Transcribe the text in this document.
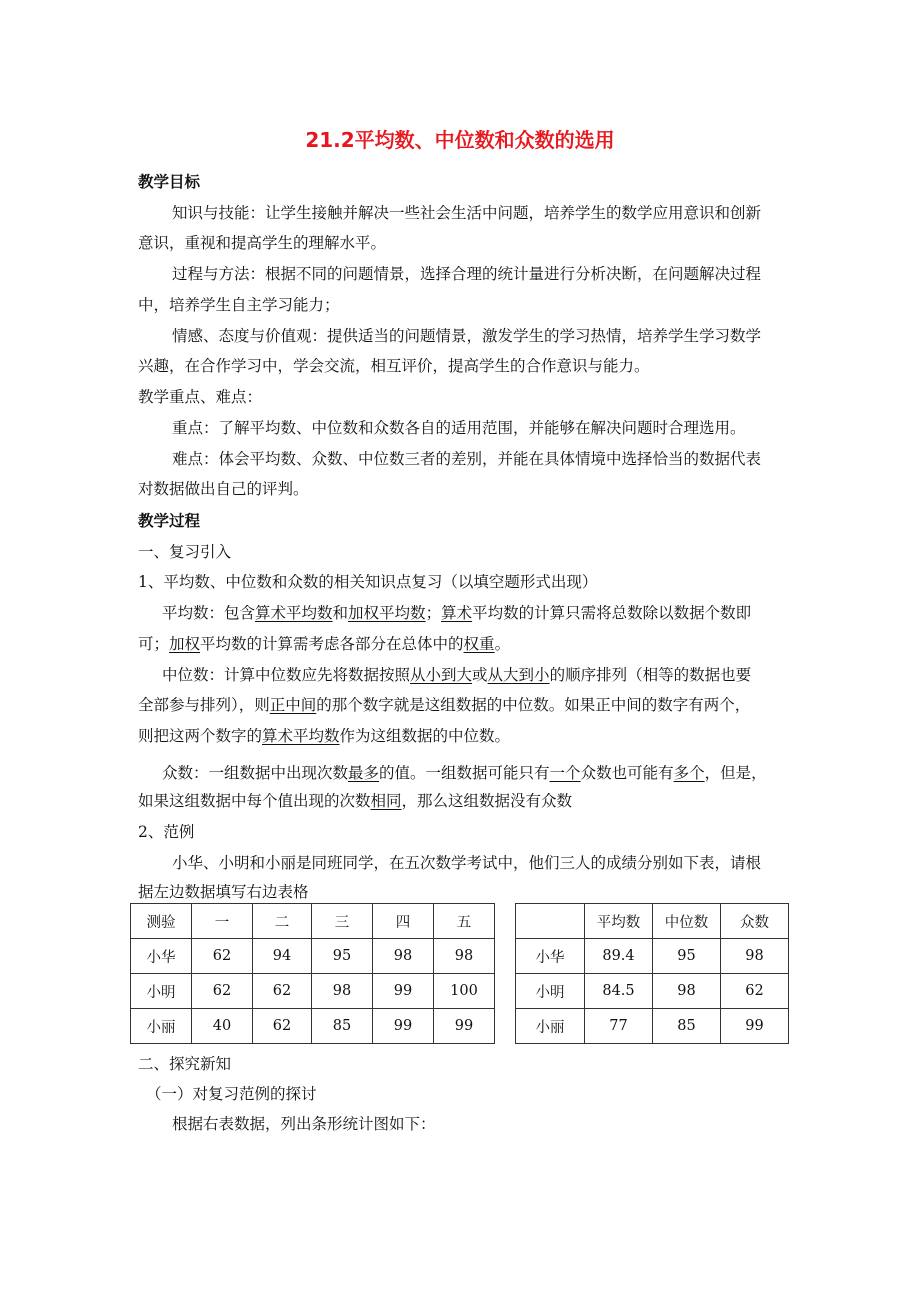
21.2平均数、中位数和众数的选用
教学目标
知识与技能：让学生接触并解决一些社会生活中问题，培养学生的数学应用意识和创新
意识，重视和提高学生的理解水平。
过程与方法：根据不同的问题情景，选择合理的统计量进行分析决断，在问题解决过程
中，培养学生自主学习能力；
情感、态度与价值观：提供适当的问题情景，激发学生的学习热情，培养学生学习数学
兴趣，在合作学习中，学会交流，相互评价，提高学生的合作意识与能力。
教学重点、难点：
重点：了解平均数、中位数和众数各自的适用范围，并能够在解决问题时合理选用。
难点：体会平均数、众数、中位数三者的差别，并能在具体情境中选择恰当的数据代表
对数据做出自己的评判。
教学过程
一、复习引入
1、平均数、中位数和众数的相关知识点复习（以填空题形式出现）
平均数：包含算术平均数和加权平均数；算术平均数的计算只需将总数除以数据个数即
可；加权平均数的计算需考虑各部分在总体中的权重。
中位数：计算中位数应先将数据按照从小到大或从大到小的顺序排列（相等的数据也要
全部参与排列），则正中间的那个数字就是这组数据的中位数。如果正中间的数字有两个，
则把这两个数字的算术平均数作为这组数据的中位数。
众数：一组数据中出现次数最多的值。一组数据可能只有一个众数也可能有多个，但是，
如果这组数据中每个值出现的次数相同，那么这组数据没有众数
2、范例
小华、小明和小丽是同班同学，在五次数学考试中，他们三人的成绩分别如下表，请根
据左边数据填写右边表格
测验	一	二	三	四	五
小华	62	94	95	98	98
小明	62	62	98	99	100
小丽	40	62	85	99	99
	平均数	中位数	众数
小华	89.4	95	98
小明	84.5	98	62
小丽	77	85	99
二、探究新知
（一）对复习范例的探讨
根据右表数据，列出条形统计图如下：
